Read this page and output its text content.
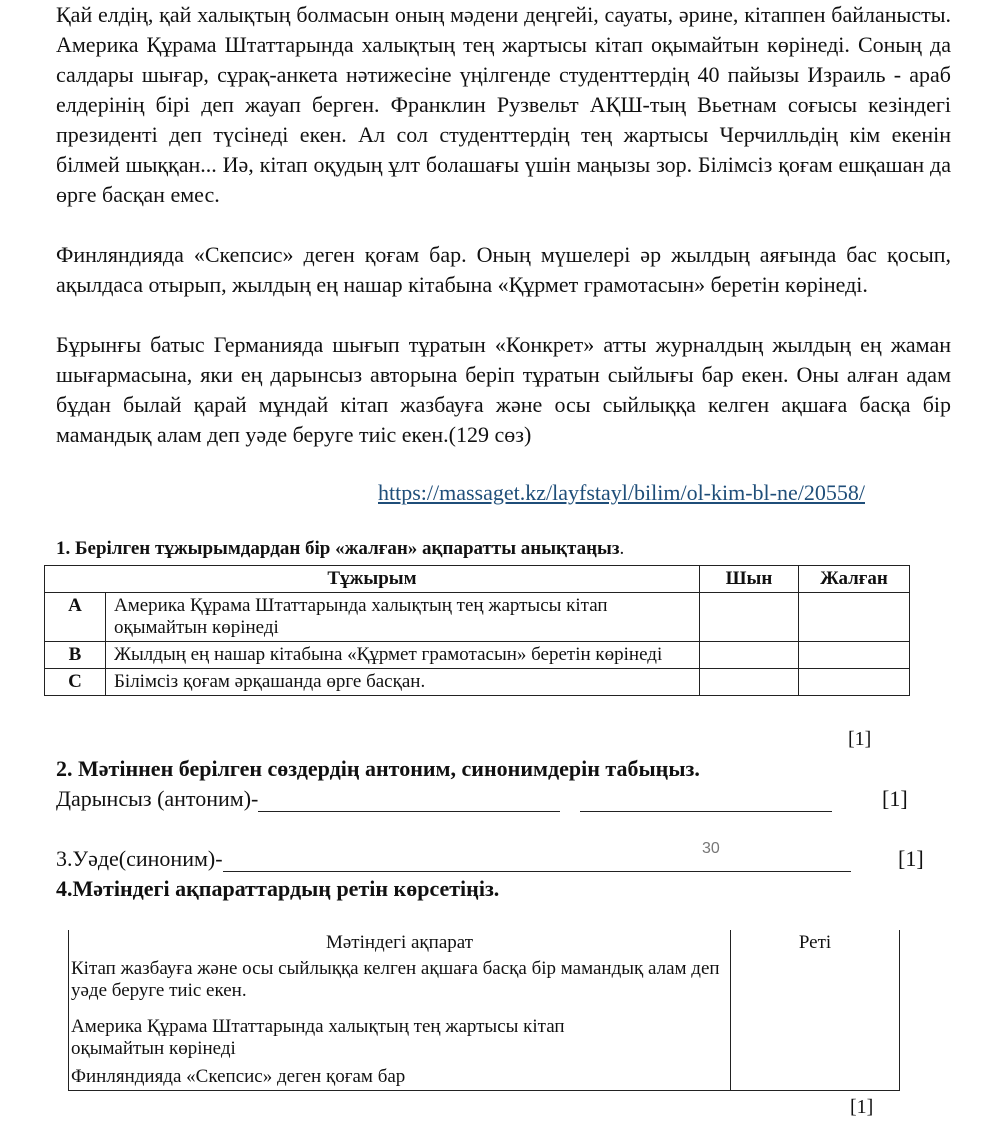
Қай елдің, қай халықтың болмасын оның мәдени деңгейі, сауаты, әрине, кітаппен байланысты. Америка Құрама Штаттарында халықтың тең жартысы кітап оқымайтын көрінеді. Соның да салдары шығар, сұрақ-анкета нәтижесіне үңілгенде студенттердің 40 пайызы Израиль - араб елдерінің бірі деп жауап берген. Франклин Рузвельт АҚШ-тың Вьетнам соғысы кезіндегі президенті деп түсінеді екен. Ал сол студенттердің тең жартысы Черчилльдің кім екенін білмей шыққан... Иә, кітап оқудың ұлт болашағы үшін маңызы зор. Білімсіз қоғам ешқашан да өрге басқан емес.

Финляндияда «Скепсис» деген қоғам бар. Оның мүшелері әр жылдың аяғында бас қосып, ақылдаса отырып, жылдың ең нашар кітабына «Құрмет грамотасын» беретін көрінеді.

Бұрынғы батыс Германияда шығып тұратын «Конкрет» атты журналдың жылдың ең жаман шығармасына, яки ең дарынсыз авторына беріп тұратын сыйлығы бар екен. Оны алған адам бұдан былай қарай мұндай кітап жазбауға және осы сыйлыққа келген ақшаға басқа бір мамандық алам деп уәде беруге тиіс екен.(129 сөз)

https://massaget.kz/layfstayl/bilim/ol-kim-bl-ne/20558/
1. Берілген тұжырымдардан бір «жалған» ақпаратты анықтаңыз.
Тұжырым		Шын	Жалған
A	Америка Құрама Штаттарында халықтың тең жартысы кітап оқымайтын көрінеді		
B	Жылдың ең нашар кітабына «Құрмет грамотасын» беретін көрінеді		
C	Білімсіз қоғам әрқашанда өрге басқан.		
[1]
2. Мәтіннен берілген сөздердің антоним, синонимдерін табыңыз.
Дарынсыз (антоним)-	[1]
3.Уәде(синоним)-	[1]
30
4.Мәтіндегі ақпараттардың ретін көрсетіңіз.
Мәтіндегі ақпарат	Реті
Кітап жазбауға және осы сыйлыққа келген ақшаға басқа бір мамандық алам деп уәде беруге тиіс екен.	

Америка Құрама Штаттарында халықтың тең жартысы кітап оқымайтын көрінеді	

Финляндияда «Скепсис» деген қоғам бар	
[1]
